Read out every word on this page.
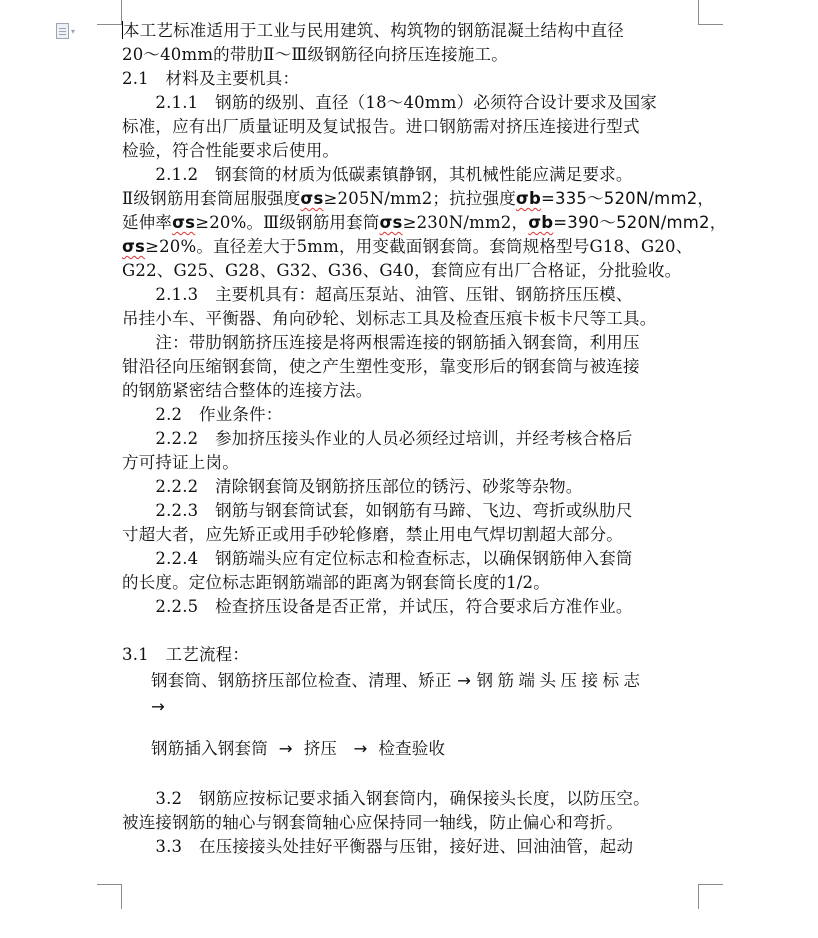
▾	本工艺标准适用于工业与民用建筑、构筑物的钢筋混凝土结构中直径
20～40mm的带肋Ⅱ～Ⅲ级钢筋径向挤压连接施工。
2.1　材料及主要机具：
　　2.1.1　钢筋的级别、直径（18～40mm）必须符合设计要求及国家
标准，应有出厂质量证明及复试报告。进口钢筋需对挤压连接进行型式
检验，符合性能要求后使用。
　　2.1.2　钢套筒的材质为低碳素镇静钢，其机械性能应满足要求。
Ⅱ级钢筋用套筒屈服强度σs≥205N/mm2；抗拉强度σb=335～520N/mm2，
延伸率σs≥20%。Ⅲ级钢筋用套筒σs≥230N/mm2，σb=390～520N/mm2，
σs≥20%。直径差大于5mm，用变截面钢套筒。套筒规格型号G18、G20、
G22、G25、G28、G32、G36、G40，套筒应有出厂合格证，分批验收。
　　2.1.3　主要机具有：超高压泵站、油管、压钳、钢筋挤压压模、
吊挂小车、平衡器、角向砂轮、划标志工具及检查压痕卡板卡尺等工具。
　　注：带肋钢筋挤压连接是将两根需连接的钢筋插入钢套筒，利用压
钳沿径向压缩钢套筒，使之产生塑性变形，靠变形后的钢套筒与被连接
的钢筋紧密结合整体的连接方法。
　　2.2　作业条件：
　　2.2.2　参加挤压接头作业的人员必须经过培训，并经考核合格后
方可持证上岗。
　　2.2.2　清除钢套筒及钢筋挤压部位的锈污、砂浆等杂物。
　　2.2.3　钢筋与钢套筒试套，如钢筋有马蹄、飞边、弯折或纵肋尺
寸超大者，应先矫正或用手砂轮修磨，禁止用电气焊切割超大部分。
　　2.2.4　钢筋端头应有定位标志和检查标志，以确保钢筋伸入套筒
的长度。定位标志距钢筋端部的距离为钢套筒长度的1/2。
　　2.2.5　检查挤压设备是否正常，并试压，符合要求后方准作业。
3.1　工艺流程：
钢套筒、钢筋挤压部位检查、清理、矫正 → 钢筋端头压接标志
→
钢筋插入钢套筒 → 挤压 → 检查验收
　　3.2　钢筋应按标记要求插入钢套筒内，确保接头长度，以防压空。
被连接钢筋的轴心与钢套筒轴心应保持同一轴线，防止偏心和弯折。
　　3.3　在压接接头处挂好平衡器与压钳，接好进、回油油管，起动
